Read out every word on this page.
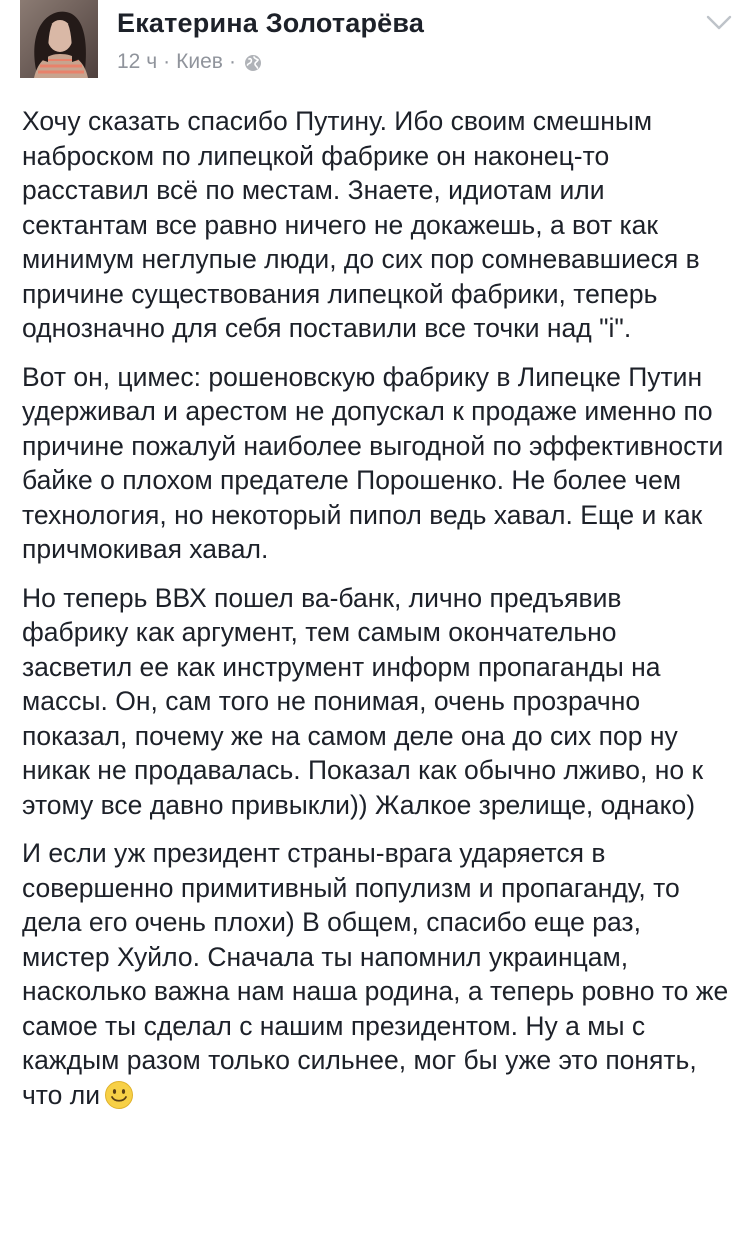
Екатерина Золотарёва
12 ч · Киев ·

Хочу сказать спасибо Путину. Ибо своим смешным наброском по липецкой фабрике он наконец-то расставил всё по местам. Знаете, идиотам или сектантам все равно ничего не докажешь, а вот как минимум неглупые люди, до сих пор сомневавшиеся в причине существования липецкой фабрики, теперь однозначно для себя поставили все точки над "і".

Вот он, цимес: рошеновскую фабрику в Липецке Путин удерживал и арестом не допускал к продаже именно по причине пожалуй наиболее выгодной по эффективности байке о плохом предателе Порошенко. Не более чем технология, но некоторый пипол ведь хавал. Еще и как причмокивая хавал.

Но теперь ВВХ пошел ва-банк, лично предъявив фабрику как аргумент, тем самым окончательно засветил ее как инструмент информ пропаганды на массы. Он, сам того не понимая, очень прозрачно показал, почему же на самом деле она до сих пор ну никак не продавалась. Показал как обычно лживо, но к этому все давно привыкли)) Жалкое зрелище, однако)

И если уж президент страны-врага ударяется в совершенно примитивный популизм и пропаганду, то дела его очень плохи) В общем, спасибо еще раз, мистер Хуйло. Сначала ты напомнил украинцам, насколько важна нам наша родина, а теперь ровно то же самое ты сделал с нашим президентом. Ну а мы с каждым разом только сильнее, мог бы уже это понять, что ли
